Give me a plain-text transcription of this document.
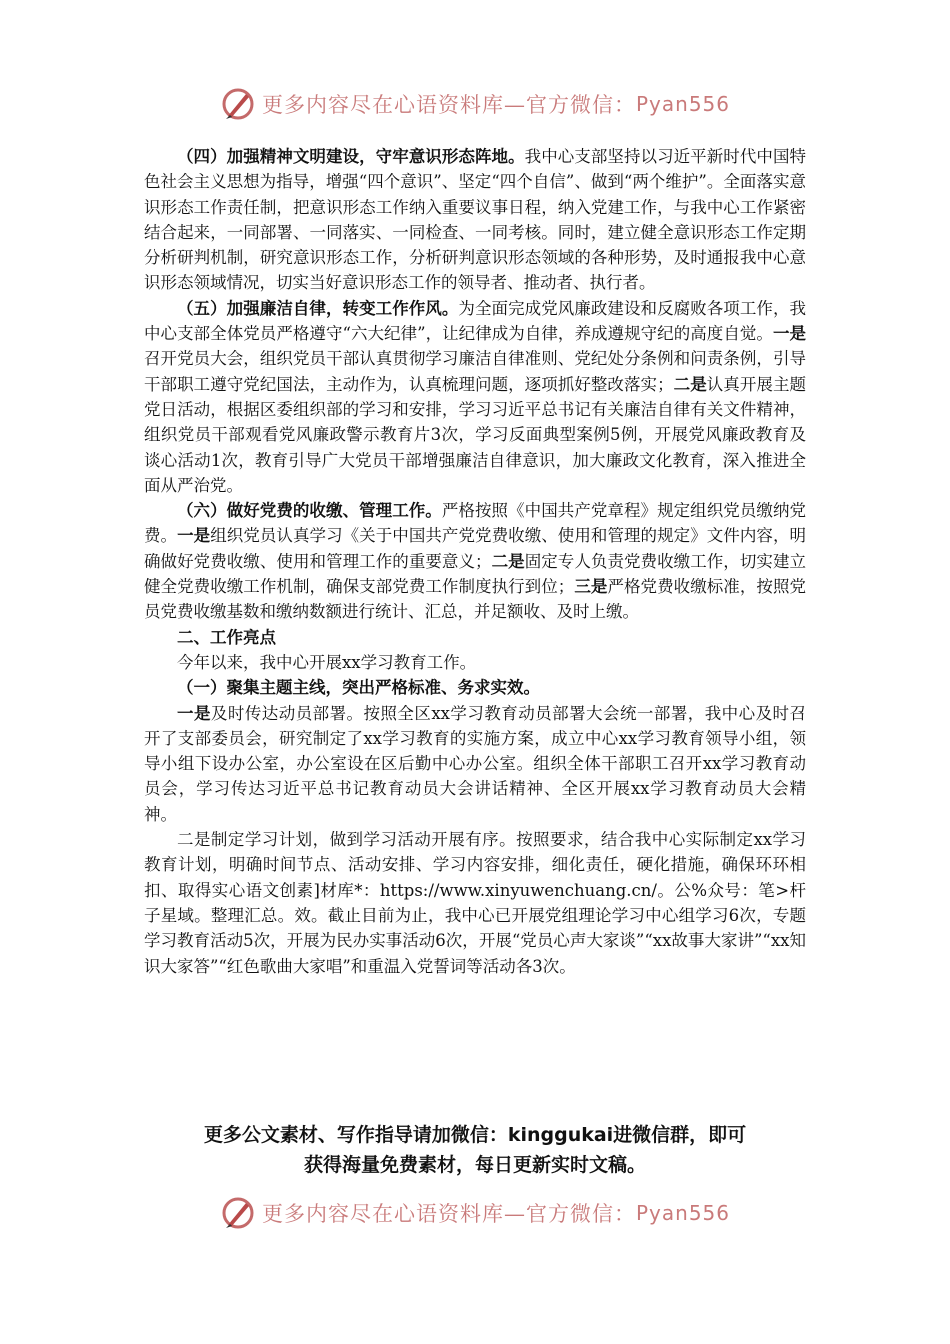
更多内容尽在心语资料库—官方微信： Pyan556

（四）加强精神文明建设，守牢意识形态阵地。我中心支部坚持以习近平新时代中国特色社会主义思想为指导，增强“四个意识”、坚定“四个自信”、做到“两个维护”。全面落实意识形态工作责任制，把意识形态工作纳入重要议事日程，纳入党建工作，与我中心工作紧密结合起来，一同部署、一同落实、一同检查、一同考核。同时，建立健全意识形态工作定期分析研判机制，研究意识形态工作，分析研判意识形态领域的各种形势，及时通报我中心意识形态领域情况，切实当好意识形态工作的领导者、推动者、执行者。

（五）加强廉洁自律，转变工作作风。为全面完成党风廉政建设和反腐败各项工作，我中心支部全体党员严格遵守“六大纪律”，让纪律成为自律，养成遵规守纪的高度自觉。一是召开党员大会，组织党员干部认真贯彻学习廉洁自律准则、党纪处分条例和问责条例，引导干部职工遵守党纪国法，主动作为，认真梳理问题，逐项抓好整改落实；二是认真开展主题党日活动，根据区委组织部的学习和安排，学习习近平总书记有关廉洁自律有关文件精神，组织党员干部观看党风廉政警示教育片3次，学习反面典型案例5例，开展党风廉政教育及谈心活动1次，教育引导广大党员干部增强廉洁自律意识，加大廉政文化教育，深入推进全面从严治党。

（六）做好党费的收缴、管理工作。严格按照《中国共产党章程》规定组织党员缴纳党费。一是组织党员认真学习《关于中国共产党党费收缴、使用和管理的规定》文件内容，明确做好党费收缴、使用和管理工作的重要意义；二是固定专人负责党费收缴工作，切实建立健全党费收缴工作机制，确保支部党费工作制度执行到位；三是严格党费收缴标准，按照党员党费收缴基数和缴纳数额进行统计、汇总，并足额收、及时上缴。

二、工作亮点

今年以来，我中心开展xx学习教育工作。

（一）聚集主题主线，突出严格标准、务求实效。

一是及时传达动员部署。按照全区xx学习教育动员部署大会统一部署，我中心及时召开了支部委员会，研究制定了xx学习教育的实施方案，成立中心xx学习教育领导小组，领导小组下设办公室，办公室设在区后勤中心办公室。组织全体干部职工召开xx学习教育动员会，学习传达习近平总书记教育动员大会讲话精神、全区开展xx学习教育动员大会精神。

二是制定学习计划，做到学习活动开展有序。按照要求，结合我中心实际制定xx学习教育计划，明确时间节点、活动安排、学习内容安排，细化责任，硬化措施，确保环环相扣、取得实心语文创素]材库*：https://www.xinyuwenchuang.cn/。公%众号：笔>杆子星域。整理汇总。效。截止目前为止，我中心已开展党组理论学习中心组学习6次，专题学习教育活动5次，开展为民办实事活动6次，开展“党员心声大家谈”“xx故事大家讲”“xx知识大家答”“红色歌曲大家唱”和重温入党誓词等活动各3次。

更多公文素材、写作指导请加微信：kinggukai进微信群，即可
获得海量免费素材，每日更新实时文稿。
更多内容尽在心语资料库—官方微信： Pyan556
